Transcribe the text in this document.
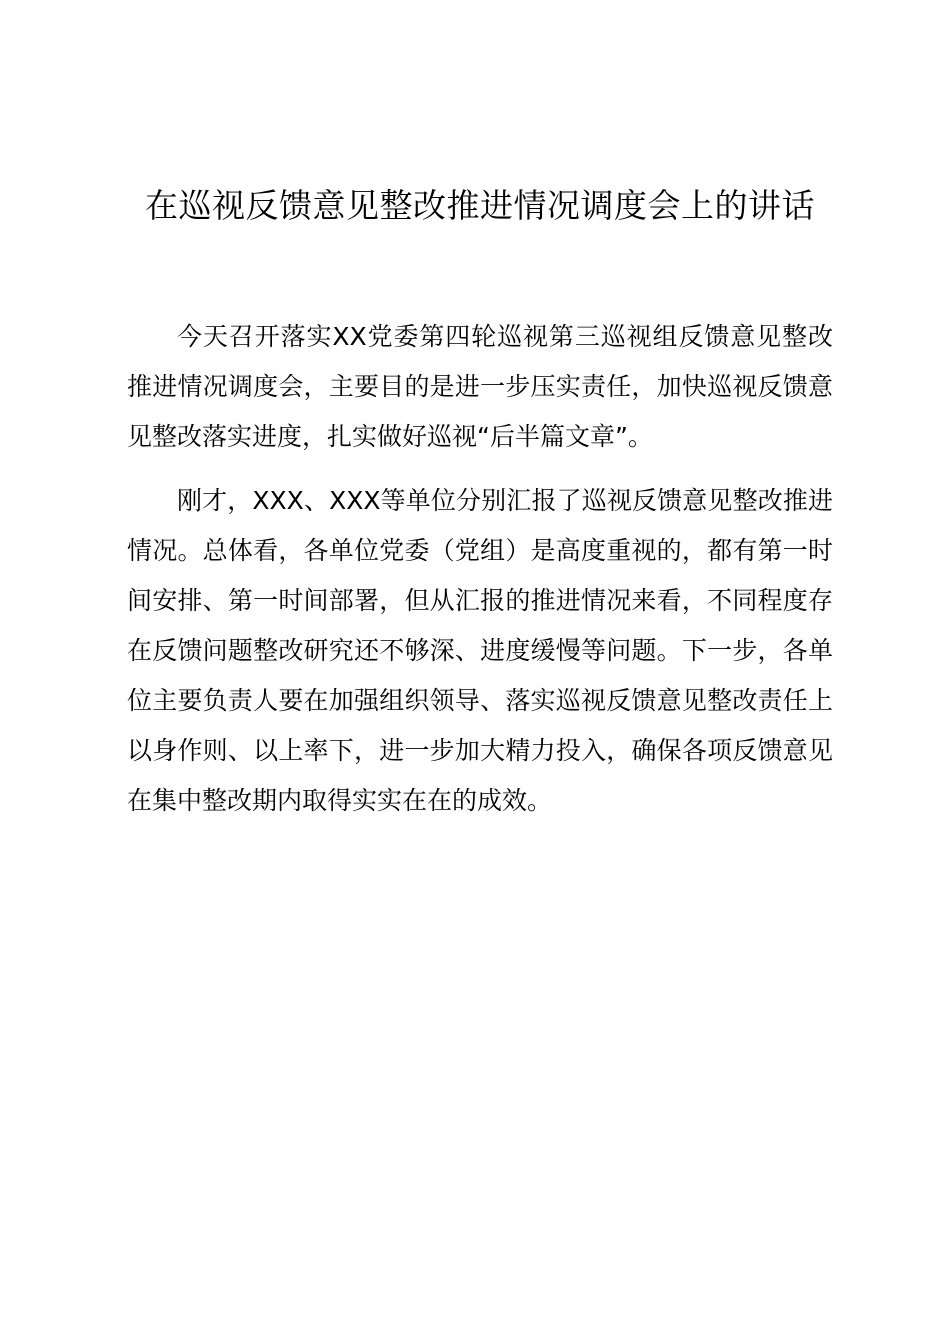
在巡视反馈意见整改推进情况调度会上的讲话

今天召开落实XX党委第四轮巡视第三巡视组反馈意见整改推进情况调度会，主要目的是进一步压实责任，加快巡视反馈意见整改落实进度，扎实做好巡视“后半篇文章”。

刚才，XXX、XXX等单位分别汇报了巡视反馈意见整改推进情况。总体看，各单位党委（党组）是高度重视的，都有第一时间安排、第一时间部署，但从汇报的推进情况来看，不同程度存在反馈问题整改研究还不够深、进度缓慢等问题。下一步，各单位主要负责人要在加强组织领导、落实巡视反馈意见整改责任上以身作则、以上率下，进一步加大精力投入，确保各项反馈意见在集中整改期内取得实实在在的成效。
